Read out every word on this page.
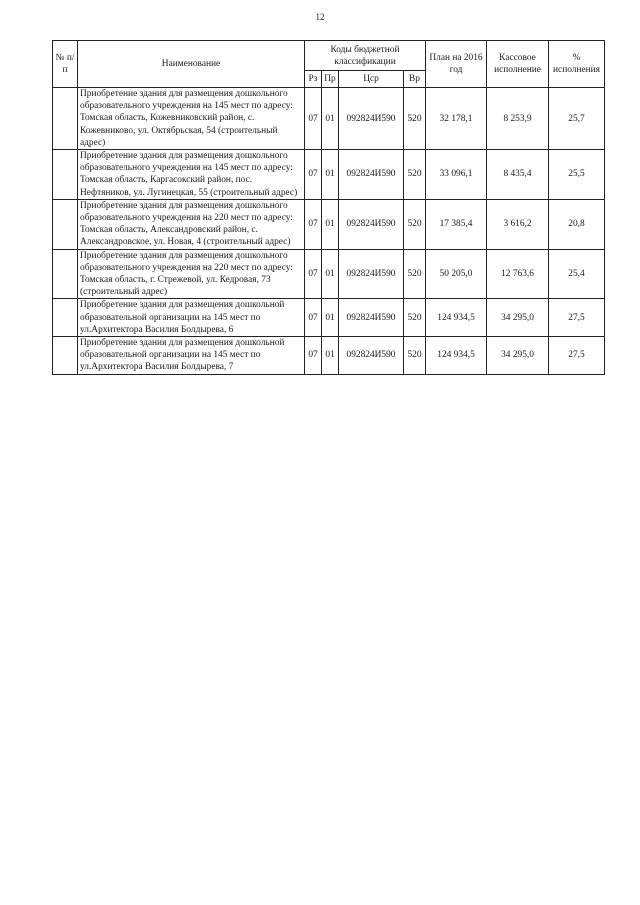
12
№ п/п	Наименование	Коды бюджетной классификации				План на 2016 год	Кассовое исполнение	% исполнения
		Рз	Пр	Цср	Вр			
	Приобретение здания для размещения дошкольного образовательного учреждения на 145 мест по адресу: Томская область, Кожевниковский район, с. Кожевниково, ул. Октябрьская, 54 (строительный адрес)	07	01	092824И590	520	32 178,1	8 253,9	25,7
	Приобретение здания для размещения дошкольного образовательного учреждения на 145 мест по адресу: Томская область, Каргасокский район, пос. Нефтяников, ул. Лугинецкая, 55 (строительный адрес)	07	01	092824И590	520	33 096,1	8 435,4	25,5
	Приобретение здания для размещения дошкольного образовательного учреждения на 220 мест по адресу: Томская область, Александровский район, с. Александровское, ул. Новая, 4 (строительный адрес)	07	01	092824И590	520	17 385,4	3 616,2	20,8
	Приобретение здания для размещения дошкольного образовательного учреждения на 220 мест по адресу: Томская область, г. Стрежевой, ул. Кедровая, 73 (строительный адрес)	07	01	092824И590	520	50 205,0	12 763,6	25,4
	Приобретение здания для размещения дошкольной образовательной организации на 145 мест по ул.Архитектора Василия Болдырева, 6	07	01	092824И590	520	124 934,5	34 295,0	27,5
	Приобретение здания для размещения дошкольной образовательной организации на 145 мест по ул.Архитектора Василия Болдырева, 7	07	01	092824И590	520	124 934,5	34 295,0	27,5
